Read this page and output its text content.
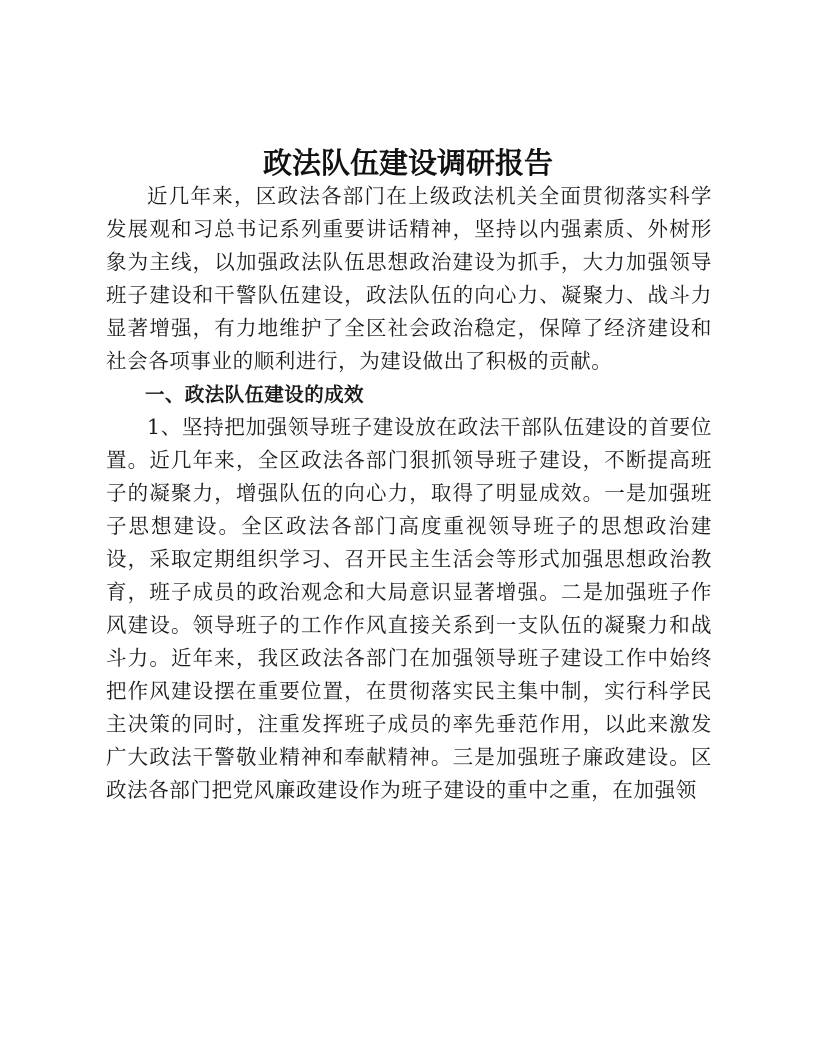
政法队伍建设调研报告

近几年来，区政法各部门在上级政法机关全面贯彻落实科学发展观和习总书记系列重要讲话精神，坚持以内强素质、外树形象为主线，以加强政法队伍思想政治建设为抓手，大力加强领导班子建设和干警队伍建设，政法队伍的向心力、凝聚力、战斗力显著增强，有力地维护了全区社会政治稳定，保障了经济建设和社会各项事业的顺利进行，为建设做出了积极的贡献。

一、政法队伍建设的成效

1、坚持把加强领导班子建设放在政法干部队伍建设的首要位置。近几年来，全区政法各部门狠抓领导班子建设，不断提高班子的凝聚力，增强队伍的向心力，取得了明显成效。一是加强班子思想建设。全区政法各部门高度重视领导班子的思想政治建设，采取定期组织学习、召开民主生活会等形式加强思想政治教育，班子成员的政治观念和大局意识显著增强。二是加强班子作风建设。领导班子的工作作风直接关系到一支队伍的凝聚力和战斗力。近年来，我区政法各部门在加强领导班子建设工作中始终把作风建设摆在重要位置，在贯彻落实民主集中制，实行科学民主决策的同时，注重发挥班子成员的率先垂范作用，以此来激发广大政法干警敬业精神和奉献精神。三是加强班子廉政建设。区政法各部门把党风廉政建设作为班子建设的重中之重，在加强领
